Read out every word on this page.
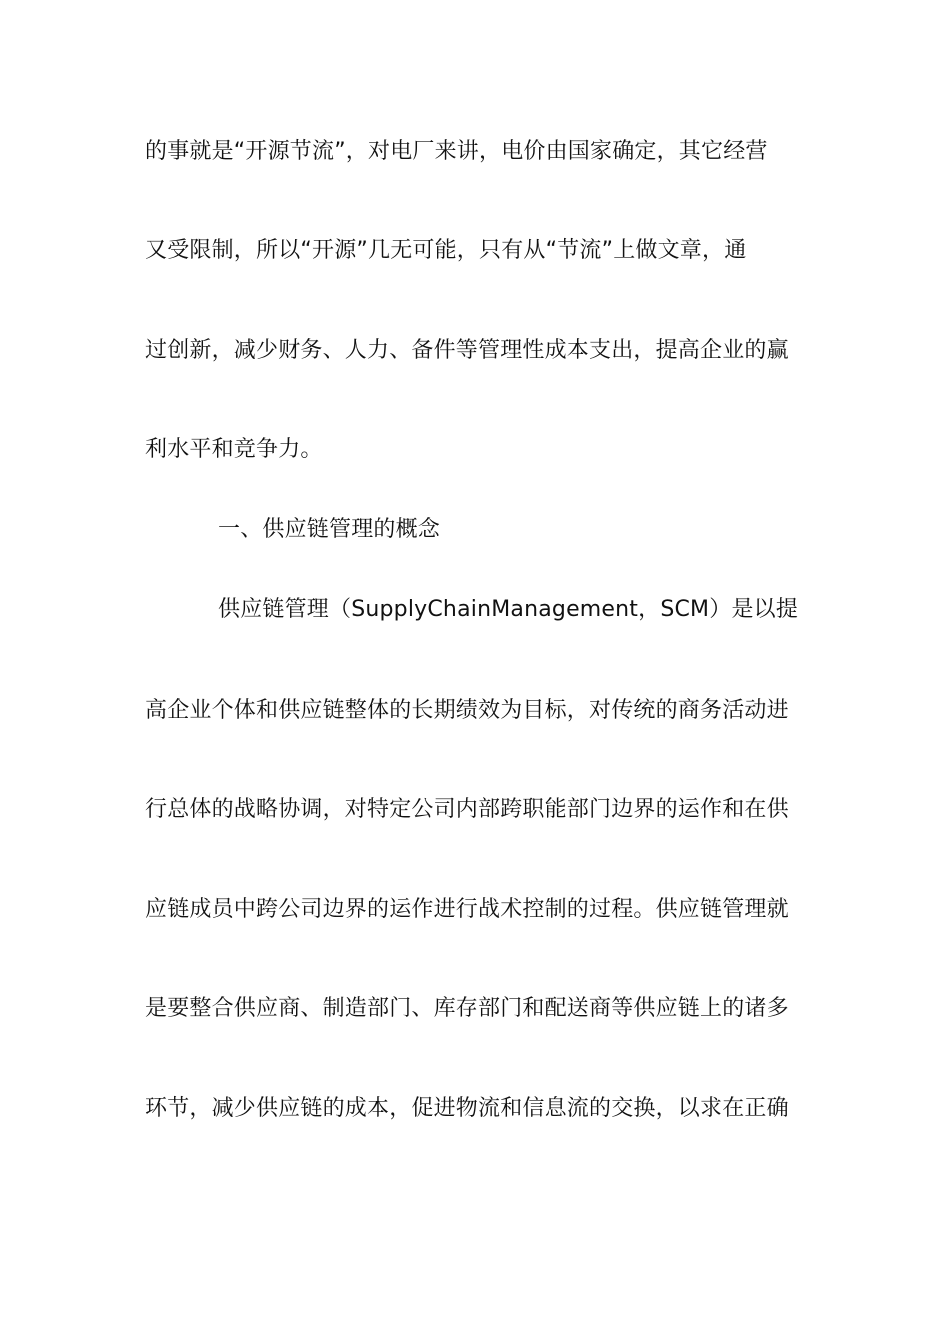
的事就是“开源节流”，对电厂来讲，电价由国家确定，其它经营
又受限制，所以“开源”几无可能，只有从“节流”上做文章，通
过创新，减少财务、人力、备件等管理性成本支出，提高企业的赢
利水平和竞争力。
一、供应链管理的概念
供应链管理（SupplyChainManagement，SCM）是以提
高企业个体和供应链整体的长期绩效为目标，对传统的商务活动进
行总体的战略协调，对特定公司内部跨职能部门边界的运作和在供
应链成员中跨公司边界的运作进行战术控制的过程。供应链管理就
是要整合供应商、制造部门、库存部门和配送商等供应链上的诸多
环节，减少供应链的成本，促进物流和信息流的交换，以求在正确
